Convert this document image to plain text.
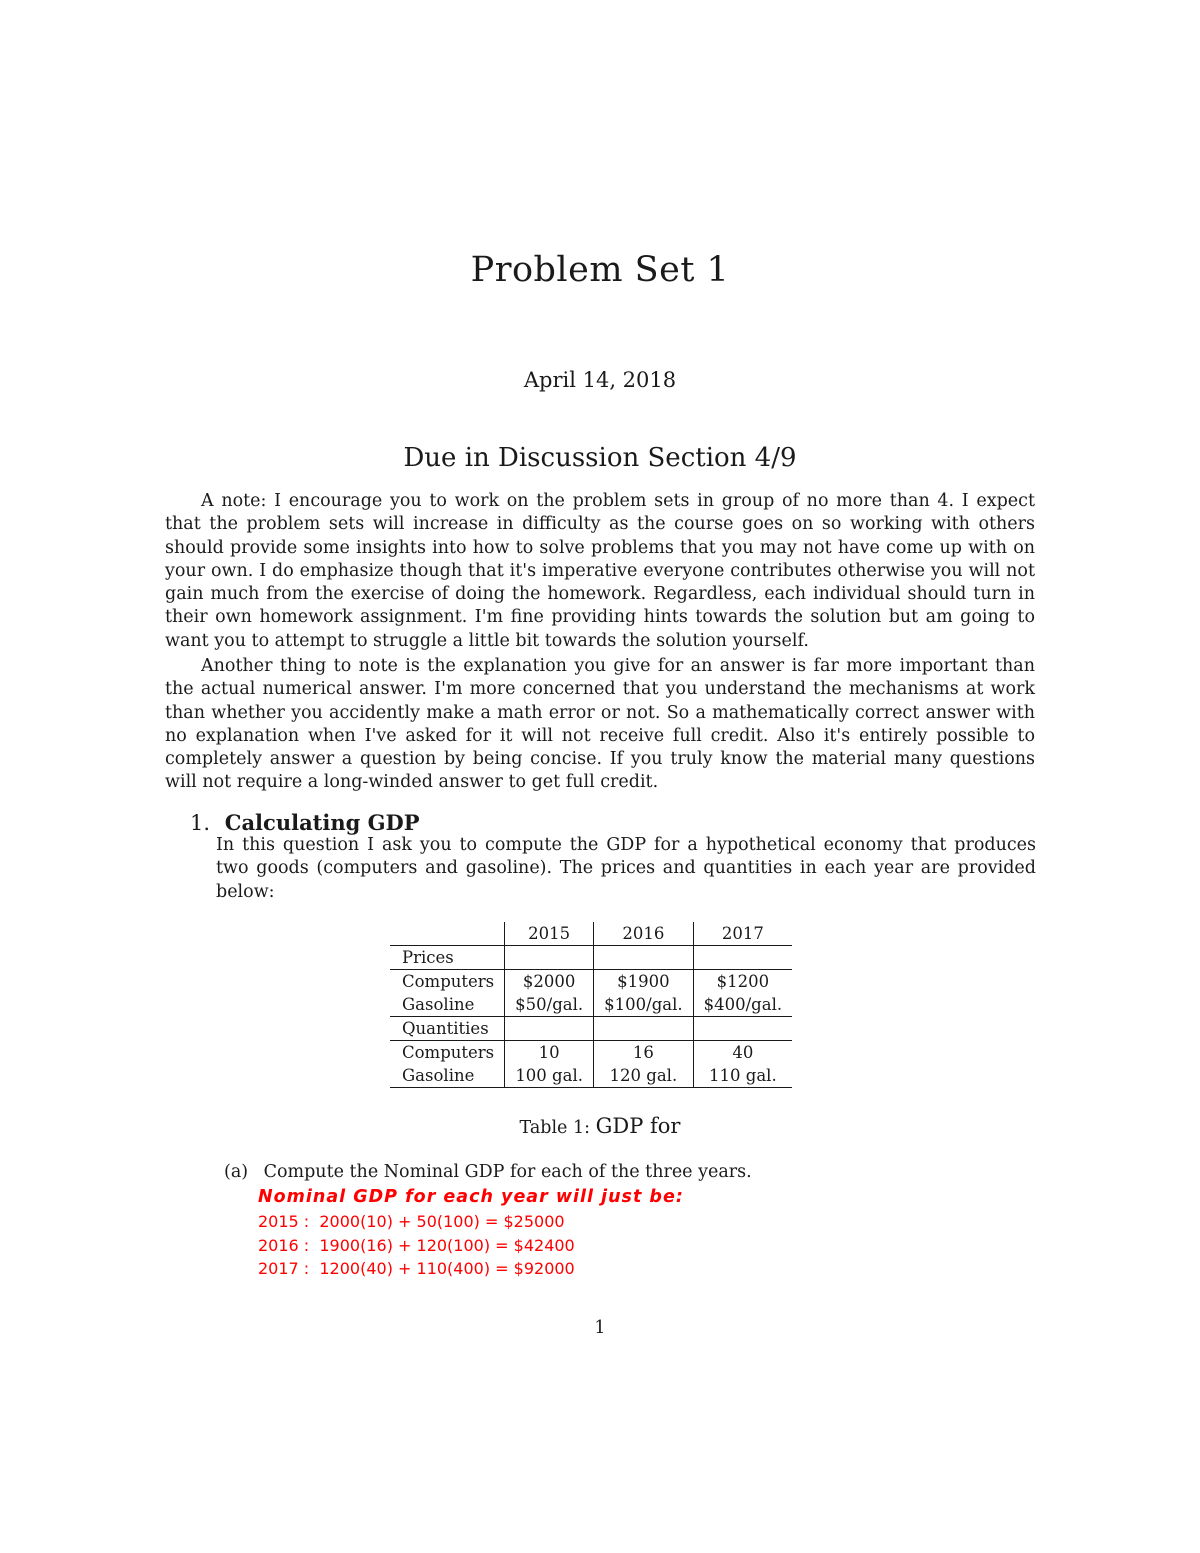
Problem Set 1
April 14, 2018
Due in Discussion Section 4/9

A note: I encourage you to work on the problem sets in group of no more than 4. I expect that the problem sets will increase in difficulty as the course goes on so working with others should provide some insights into how to solve problems that you may not have come up with on your own. I do emphasize though that it's imperative everyone contributes otherwise you will not gain much from the exercise of doing the homework. Regardless, each individual should turn in their own homework assignment. I'm fine providing hints towards the solution but am going to want you to attempt to struggle a little bit towards the solution yourself.

Another thing to note is the explanation you give for an answer is far more important than the actual numerical answer. I'm more concerned that you understand the mechanisms at work than whether you accidently make a math error or not. So a mathematically correct answer with no explanation when I've asked for it will not receive full credit. Also it's entirely possible to completely answer a question by being concise. If you truly know the material many questions will not require a long-winded answer to get full credit.

1. Calculating GDP
In this question I ask you to compute the GDP for a hypothetical economy that produces two goods (computers and gasoline). The prices and quantities in each year are provided below:
	2015	2016	2017
Prices			
Computers	$2000	$1900	$1200
Gasoline	$50/gal.	$100/gal.	$400/gal.
Quantities			
Computers	10	16	40
Gasoline	100 gal.	120 gal.	110 gal.
Table 1: GDP for
(a) Compute the Nominal GDP for each of the three years.
Nominal GDP for each year will just be:
2015 :  2000(10) + 50(100) = $25000
2016 :  1900(16) + 120(100) = $42400
2017 :  1200(40) + 110(400) = $92000
1
